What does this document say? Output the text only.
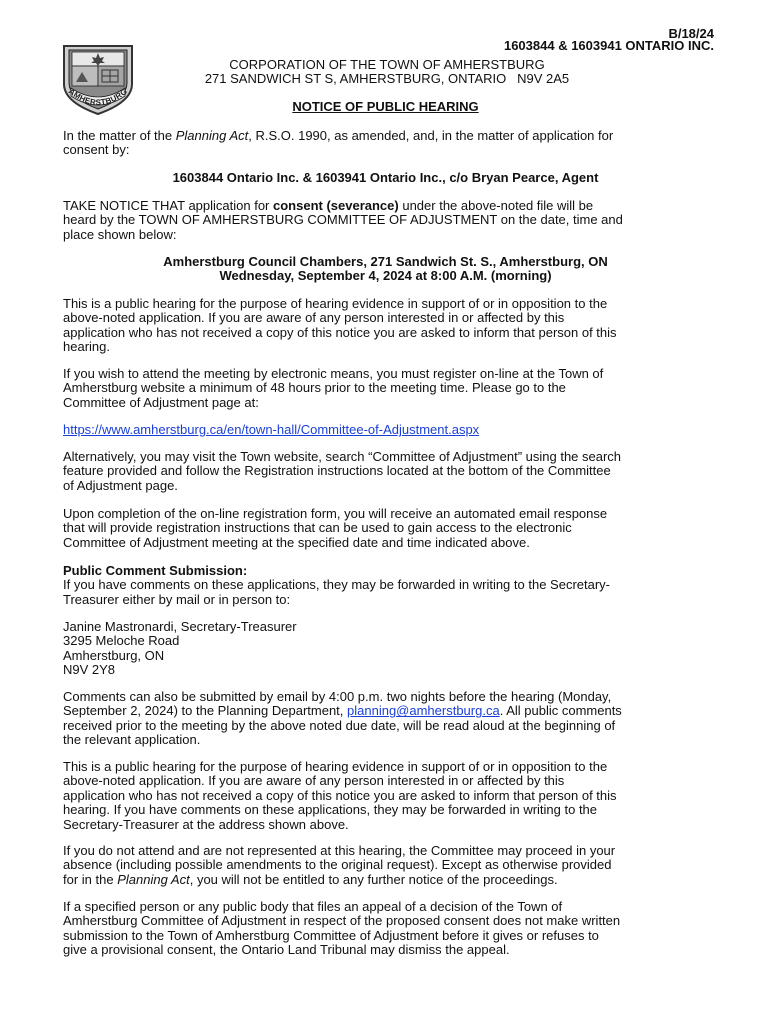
AMHERSTBURG
B/18/24
1603844 & 1603941 ONTARIO INC.
CORPORATION OF THE TOWN OF AMHERSTBURG
271 SANDWICH ST S, AMHERSTBURG, ONTARIO   N9V 2A5
NOTICE OF PUBLIC HEARING
In the matter of the Planning Act, R.S.O. 1990, as amended, and, in the matter of application for
consent by:
1603844 Ontario Inc. & 1603941 Ontario Inc., c/o Bryan Pearce, Agent
TAKE NOTICE THAT application for consent (severance) under the above-noted file will be
heard by the TOWN OF AMHERSTBURG COMMITTEE OF ADJUSTMENT on the date, time and
place shown below:
Amherstburg Council Chambers, 271 Sandwich St. S., Amherstburg, ON
Wednesday, September 4, 2024 at 8:00 A.M. (morning)
This is a public hearing for the purpose of hearing evidence in support of or in opposition to the
above-noted application. If you are aware of any person interested in or affected by this
application who has not received a copy of this notice you are asked to inform that person of this
hearing.
If you wish to attend the meeting by electronic means, you must register on-line at the Town of
Amherstburg website a minimum of 48 hours prior to the meeting time. Please go to the
Committee of Adjustment page at:
https://www.amherstburg.ca/en/town-hall/Committee-of-Adjustment.aspx
Alternatively, you may visit the Town website, search “Committee of Adjustment” using the search
feature provided and follow the Registration instructions located at the bottom of the Committee
of Adjustment page.
Upon completion of the on-line registration form, you will receive an automated email response
that will provide registration instructions that can be used to gain access to the electronic
Committee of Adjustment meeting at the specified date and time indicated above.
Public Comment Submission:
If you have comments on these applications, they may be forwarded in writing to the Secretary-
Treasurer either by mail or in person to:
Janine Mastronardi, Secretary-Treasurer
3295 Meloche Road
Amherstburg, ON
N9V 2Y8
Comments can also be submitted by email by 4:00 p.m. two nights before the hearing (Monday,
September 2, 2024) to the Planning Department, planning@amherstburg.ca. All public comments
received prior to the meeting by the above noted due date, will be read aloud at the beginning of
the relevant application.
This is a public hearing for the purpose of hearing evidence in support of or in opposition to the
above-noted application. If you are aware of any person interested in or affected by this
application who has not received a copy of this notice you are asked to inform that person of this
hearing. If you have comments on these applications, they may be forwarded in writing to the
Secretary-Treasurer at the address shown above.
If you do not attend and are not represented at this hearing, the Committee may proceed in your
absence (including possible amendments to the original request). Except as otherwise provided
for in the Planning Act, you will not be entitled to any further notice of the proceedings.
If a specified person or any public body that files an appeal of a decision of the Town of
Amherstburg Committee of Adjustment in respect of the proposed consent does not make written
submission to the Town of Amherstburg Committee of Adjustment before it gives or refuses to
give a provisional consent, the Ontario Land Tribunal may dismiss the appeal.
